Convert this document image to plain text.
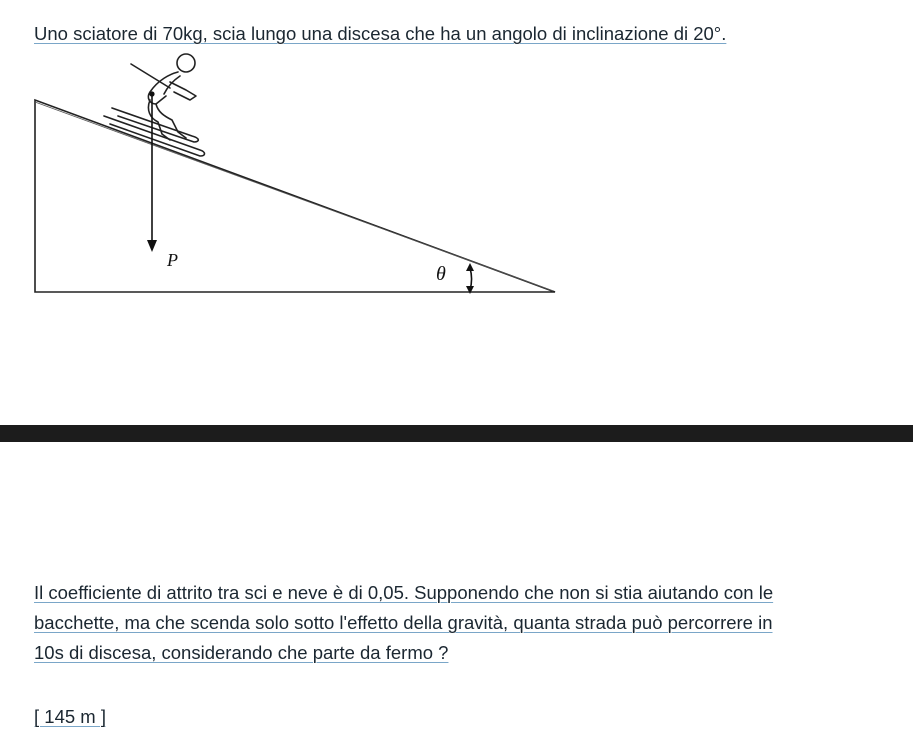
Uno sciatore di 70kg, scia lungo una discesa che ha un angolo di inclinazione di 20°.
P
θ
Il coefficiente di attrito tra sci e neve è di 0,05. Supponendo che non si stia aiutando con le
bacchette, ma che scenda solo sotto l'effetto della gravità, quanta strada può percorrere in
10s di discesa, considerando che parte da fermo ?
[ 145 m ]
